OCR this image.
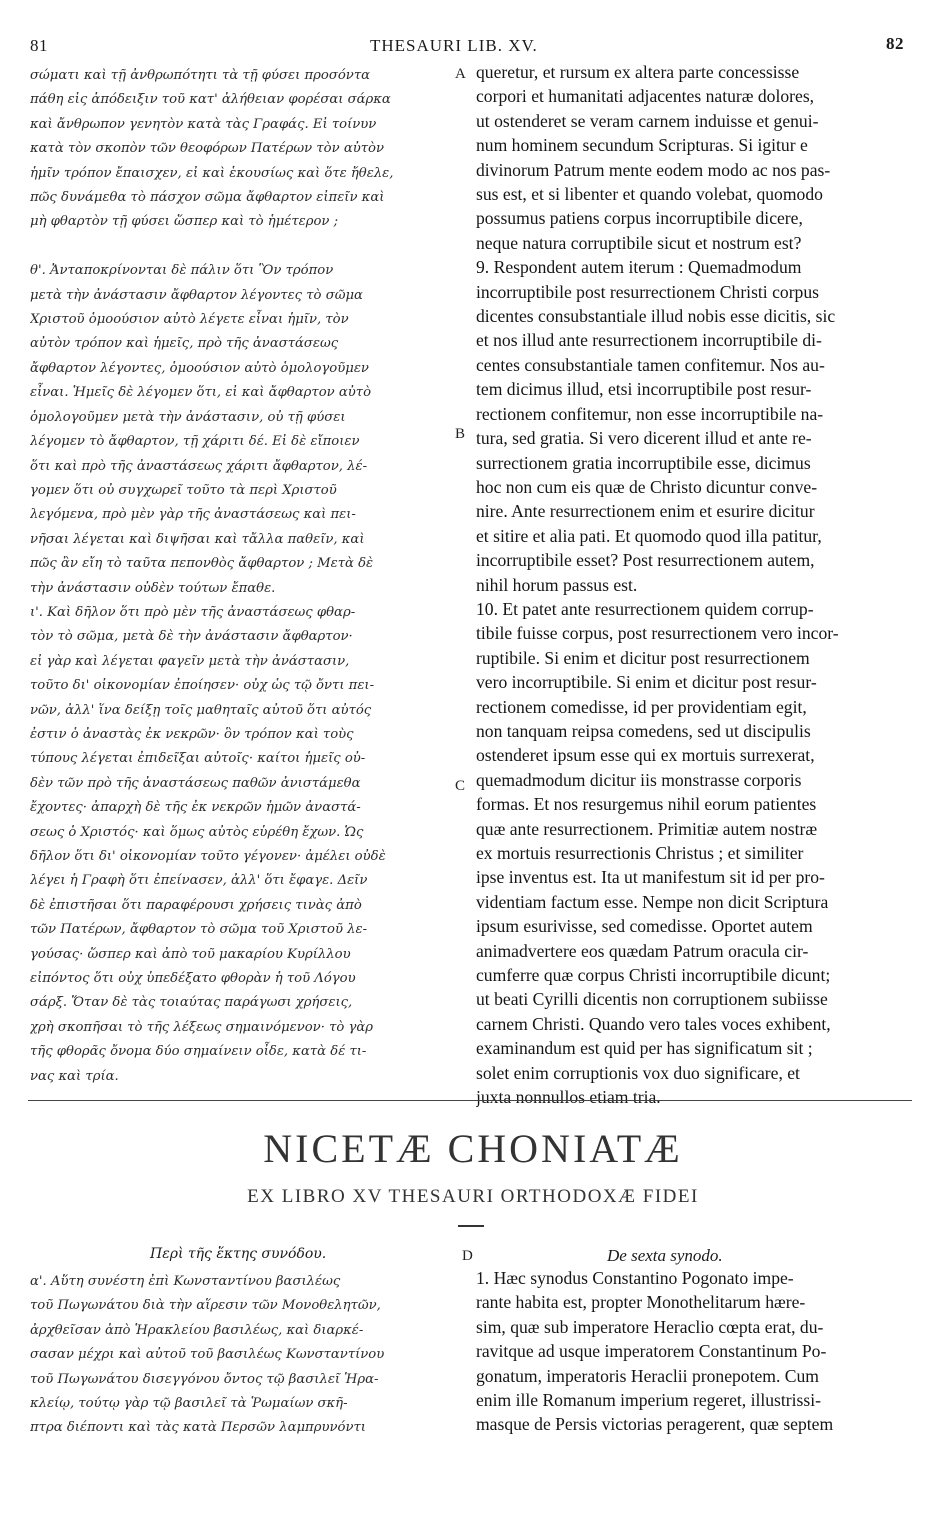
81	THESAURI LIB. XV.	82
σώματι καὶ τῇ ἀνθρωπότητι τὰ τῇ φύσει προσόντα
πάθη εἰς ἀπόδειξιν τοῦ κατ' ἀλήθειαν φορέσαι σάρκα
καὶ ἄνθρωπον γενητὸν κατὰ τὰς Γραφάς. Εἰ τοίνυν
κατὰ τὸν σκοπὸν τῶν θεοφόρων Πατέρων τὸν αὐτὸν
ἡμῖν τρόπον ἔπαισχεν, εἰ καὶ ἑκουσίως καὶ ὅτε ἤθελε,
πῶς δυνάμεθα τὸ πάσχον σῶμα ἄφθαρτον εἰπεῖν καὶ
μὴ φθαρτὸν τῇ φύσει ὥσπερ καὶ τὸ ἡμέτερον ;

θ'. Ἀνταποκρίνονται δὲ πάλιν ὅτι Ὃν τρόπον
μετὰ τὴν ἀνάστασιν ἄφθαρτον λέγοντες τὸ σῶμα
Χριστοῦ ὁμοούσιον αὐτὸ λέγετε εἶναι ἡμῖν, τὸν
αὐτὸν τρόπον καὶ ἡμεῖς, πρὸ τῆς ἀναστάσεως
ἄφθαρτον λέγοντες, ὁμοούσιον αὐτὸ ὁμολογοῦμεν
εἶναι. Ἡμεῖς δὲ λέγομεν ὅτι, εἰ καὶ ἄφθαρτον αὐτὸ
ὁμολογοῦμεν μετὰ τὴν ἀνάστασιν, οὐ τῇ φύσει
λέγομεν τὸ ἄφθαρτον, τῇ χάριτι δέ. Εἰ δὲ εἴποιεν
ὅτι καὶ πρὸ τῆς ἀναστάσεως χάριτι ἄφθαρτον, λέ-
γομεν ὅτι οὐ συγχωρεῖ τοῦτο τὰ περὶ Χριστοῦ
λεγόμενα, πρὸ μὲν γὰρ τῆς ἀναστάσεως καὶ πει-
νῆσαι λέγεται καὶ διψῆσαι καὶ τἄλλα παθεῖν, καὶ
πῶς ἂν εἴη τὸ ταῦτα πεπονθὸς ἄφθαρτον ; Μετὰ δὲ
τὴν ἀνάστασιν οὐδὲν τούτων ἔπαθε.
ι'. Καὶ δῆλον ὅτι πρὸ μὲν τῆς ἀναστάσεως φθαρ-
τὸν τὸ σῶμα, μετὰ δὲ τὴν ἀνάστασιν ἄφθαρτον·
εἰ γὰρ καὶ λέγεται φαγεῖν μετὰ τὴν ἀνάστασιν,
τοῦτο δι' οἰκονομίαν ἐποίησεν· οὐχ ὡς τῷ ὄντι πει-
νῶν, ἀλλ' ἵνα δείξῃ τοῖς μαθηταῖς αὐτοῦ ὅτι αὐτός
ἐστιν ὁ ἀναστὰς ἐκ νεκρῶν· ὃν τρόπον καὶ τοὺς
τύπους λέγεται ἐπιδεῖξαι αὐτοῖς· καίτοι ἡμεῖς οὐ-
δὲν τῶν πρὸ τῆς ἀναστάσεως παθῶν ἀνιστάμεθα
ἔχοντες· ἀπαρχὴ δὲ τῆς ἐκ νεκρῶν ἡμῶν ἀναστά-
σεως ὁ Χριστός· καὶ ὅμως αὐτὸς εὑρέθη ἔχων. Ὡς
δῆλον ὅτι δι' οἰκονομίαν τοῦτο γέγονεν· ἀμέλει οὐδὲ
λέγει ἡ Γραφὴ ὅτι ἐπείνασεν, ἀλλ' ὅτι ἔφαγε. Δεῖν
δὲ ἐπιστῆσαι ὅτι παραφέρουσι χρήσεις τινὰς ἀπὸ
τῶν Πατέρων, ἄφθαρτον τὸ σῶμα τοῦ Χριστοῦ λε-
γούσας· ὥσπερ καὶ ἀπὸ τοῦ μακαρίου Κυρίλλου
εἰπόντος ὅτι οὐχ ὑπεδέξατο φθορὰν ἡ τοῦ Λόγου
σάρξ. Ὅταν δὲ τὰς τοιαύτας παράγωσι χρήσεις,
χρὴ σκοπῆσαι τὸ τῆς λέξεως σημαινόμενον· τὸ γὰρ
τῆς φθορᾶς ὄνομα δύο σημαίνειν οἶδε, κατὰ δέ τι-
νας καὶ τρία.
queretur, et rursum ex altera parte concessisse
corpori et humanitati adjacentes naturæ dolores,
ut ostenderet se veram carnem induisse et genui-
num hominem secundum Scripturas. Si igitur e
divinorum Patrum mente eodem modo ac nos pas-
sus est, et si libenter et quando volebat, quomodo
possumus patiens corpus incorruptibile dicere,
neque natura corruptibile sicut et nostrum est?
9. Respondent autem iterum : Quemadmodum
incorruptibile post resurrectionem Christi corpus
dicentes consubstantiale illud nobis esse dicitis, sic
et nos illud ante resurrectionem incorruptibile di-
centes consubstantiale tamen confitemur. Nos au-
tem dicimus illud, etsi incorruptibile post resur-
rectionem confitemur, non esse incorruptibile na-
tura, sed gratia. Si vero dicerent illud et ante re-
surrectionem gratia incorruptibile esse, dicimus
hoc non cum eis quæ de Christo dicuntur conve-
nire. Ante resurrectionem enim et esurire dicitur
et sitire et alia pati. Et quomodo quod illa patitur,
incorruptibile esset? Post resurrectionem autem,
nihil horum passus est.
10. Et patet ante resurrectionem quidem corrup-
tibile fuisse corpus, post resurrectionem vero incor-
ruptibile. Si enim et dicitur post resurrectionem
vero incorruptibile. Si enim et dicitur post resur-
rectionem comedisse, id per providentiam egit,
non tanquam reipsa comedens, sed ut discipulis
ostenderet ipsum esse qui ex mortuis surrexerat,
quemadmodum dicitur iis monstrasse corporis
formas. Et nos resurgemus nihil eorum patientes
quæ ante resurrectionem. Primitiæ autem nostræ
ex mortuis resurrectionis Christus ; et similiter
ipse inventus est. Ita ut manifestum sit id per pro-
videntiam factum esse. Nempe non dicit Scriptura
ipsum esurivisse, sed comedisse. Oportet autem
animadvertere eos quædam Patrum oracula cir-
cumferre quæ corpus Christi incorruptibile dicunt;
ut beati Cyrilli dicentis non corruptionem subiisse
carnem Christi. Quando vero tales voces exhibent,
examinandum est quid per has significatum sit ;
solet enim corruptionis vox duo significare, et
juxta nonnullos etiam tria.
A
B
C
D
NICETÆ CHONIATÆ
EX LIBRO XV THESAURI ORTHODOXÆ FIDEI
Περὶ τῆς ἕκτης συνόδου.	De sexta synodo.
α'. Αὕτη συνέστη ἐπὶ Κωνσταντίνου βασιλέως
τοῦ Πωγωνάτου διὰ τὴν αἵρεσιν τῶν Μονοθελητῶν,
ἀρχθεῖσαν ἀπὸ Ἡρακλείου βασιλέως, καὶ διαρκέ-
σασαν μέχρι καὶ αὐτοῦ τοῦ βασιλέως Κωνσταντίνου
τοῦ Πωγωνάτου δισεγγόνου ὄντος τῷ βασιλεῖ Ἡρα-
κλείῳ, τούτῳ γὰρ τῷ βασιλεῖ τὰ Ῥωμαίων σκῆ-
πτρα διέποντι καὶ τὰς κατὰ Περσῶν λαμπρυνόντι
1. Hæc synodus Constantino Pogonato impe-
rante habita est, propter Monothelitarum hære-
sim, quæ sub imperatore Heraclio cœpta erat, du-
ravitque ad usque imperatorem Constantinum Po-
gonatum, imperatoris Heraclii pronepotem. Cum
enim ille Romanum imperium regeret, illustrissi-
masque de Persis victorias peragerent, quæ septem
